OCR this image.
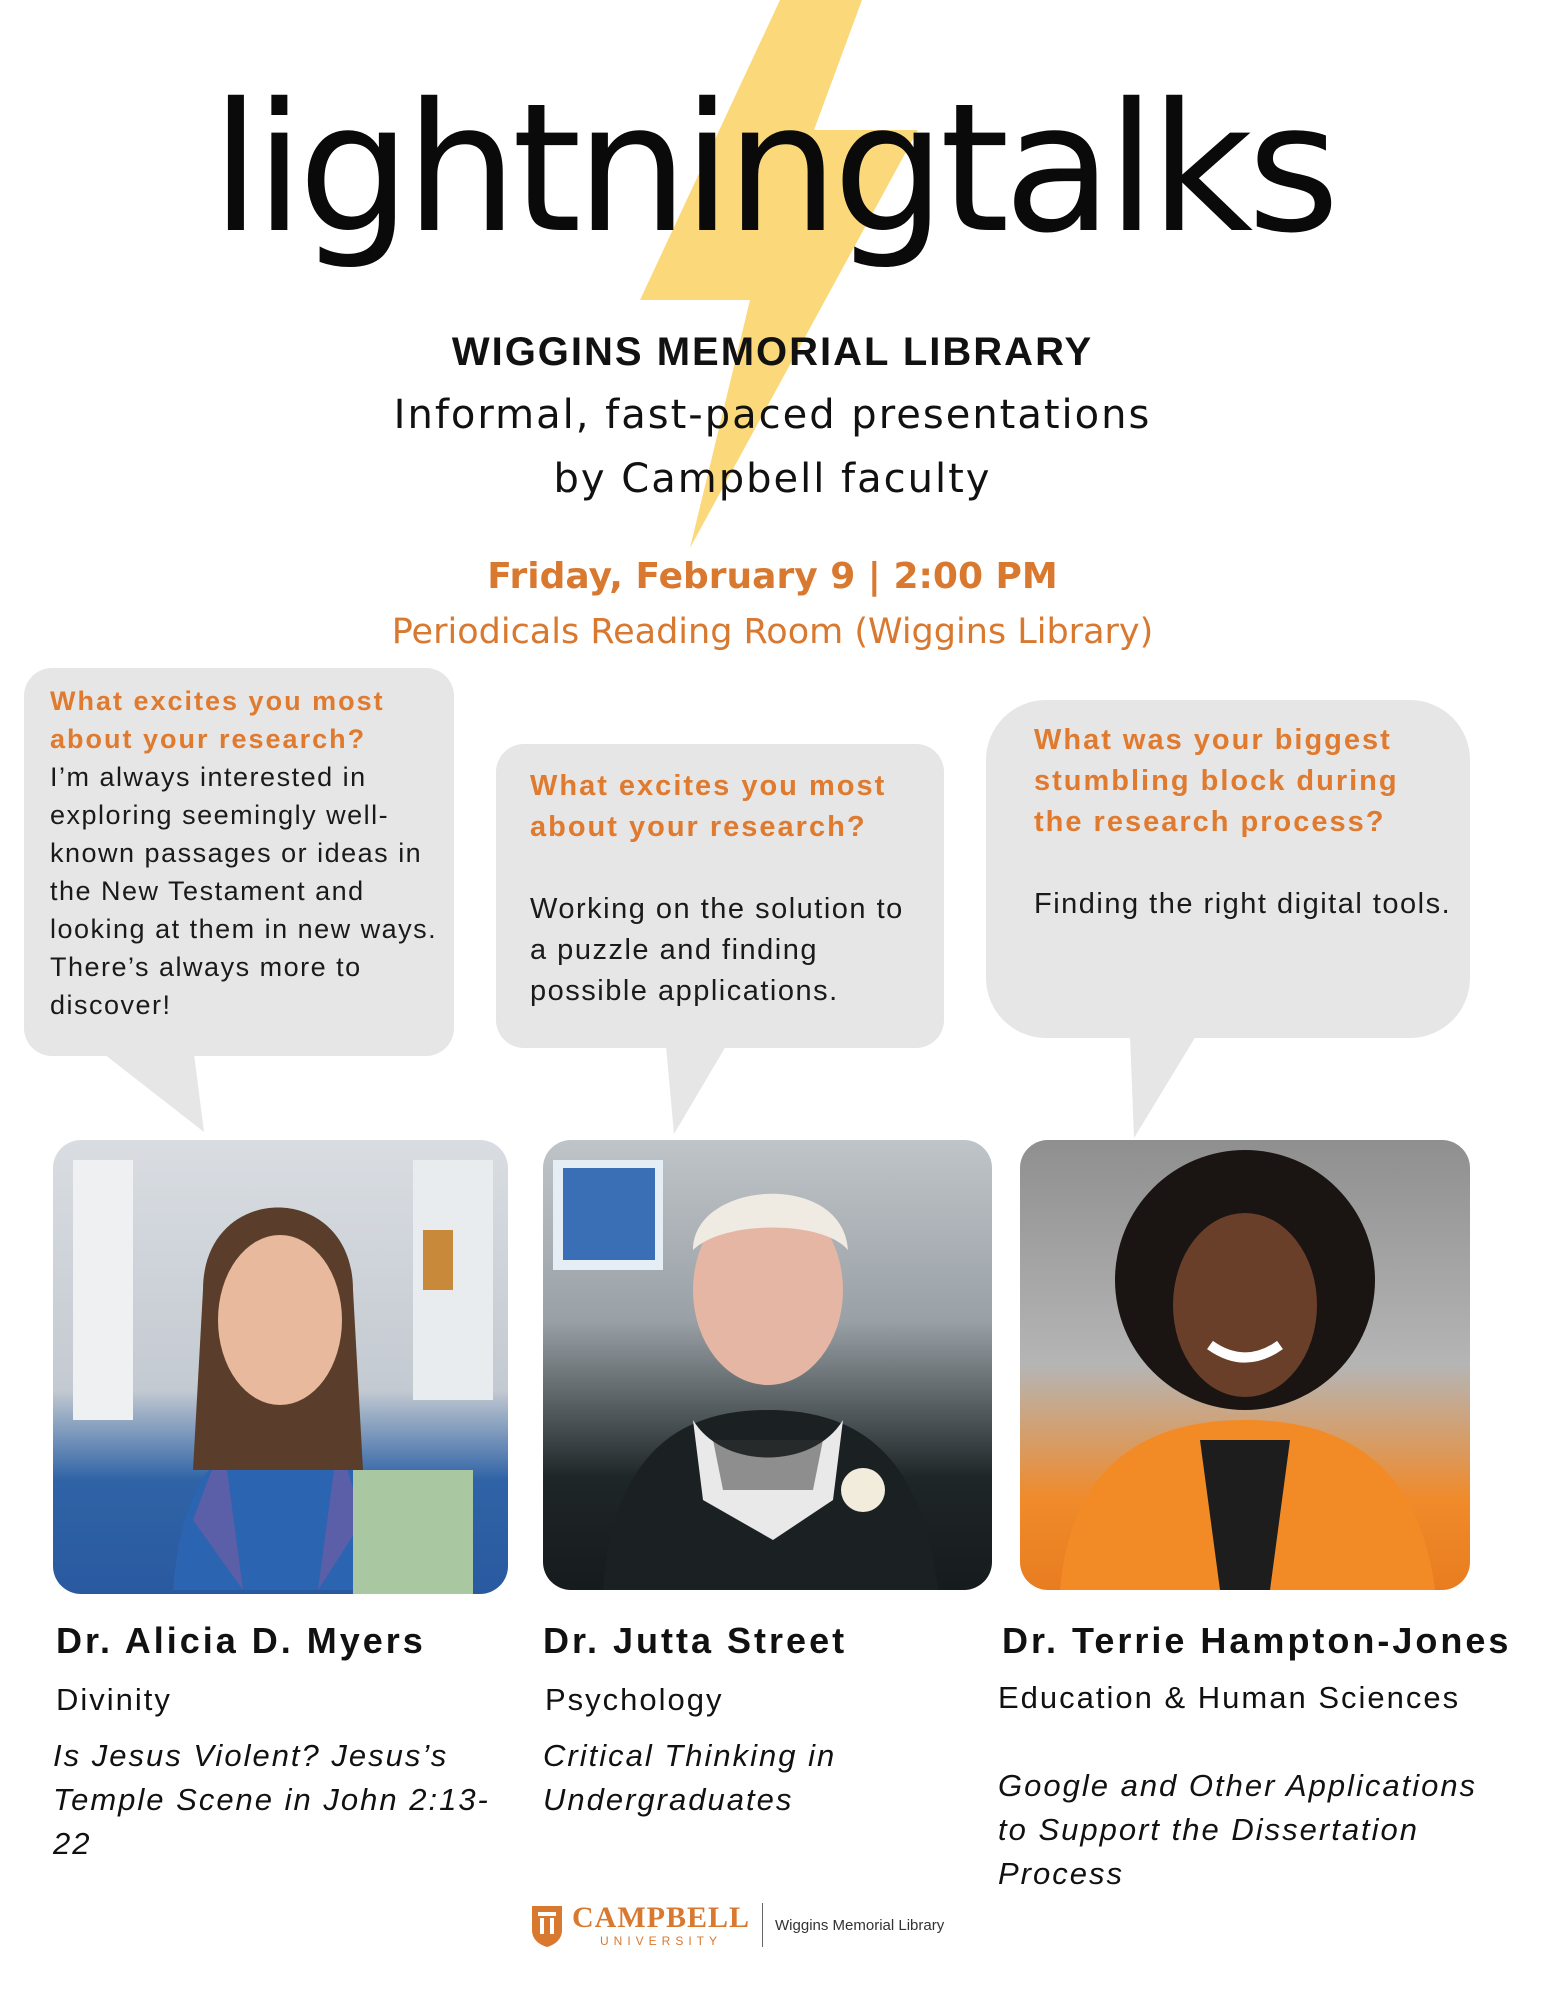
lightningtalks
WIGGINS MEMORIAL LIBRARY
Informal, fast-paced presentations
by Campbell faculty
Friday, February 9 | 2:00 PM
Periodicals Reading Room (Wiggins Library)
What excites you most about your research?
I’m always interested in exploring seemingly well-known passages or ideas in the New Testament and looking at them in new ways. There’s always more to discover!
What excites you most about your research?
Working on the solution to a puzzle and finding possible applications.
What was your biggest stumbling block during the research process?
Finding the right digital tools.
Dr. Alicia D. Myers
Divinity
Is Jesus Violent? Jesus’s Temple Scene in John 2:13-22
Dr. Jutta Street
Psychology
Critical Thinking in Undergraduates
Dr. Terrie Hampton-Jones
Education & Human Sciences
Google and Other Applications to Support the Dissertation Process
CAMPBELL
UNIVERSITY
Wiggins Memorial Library
